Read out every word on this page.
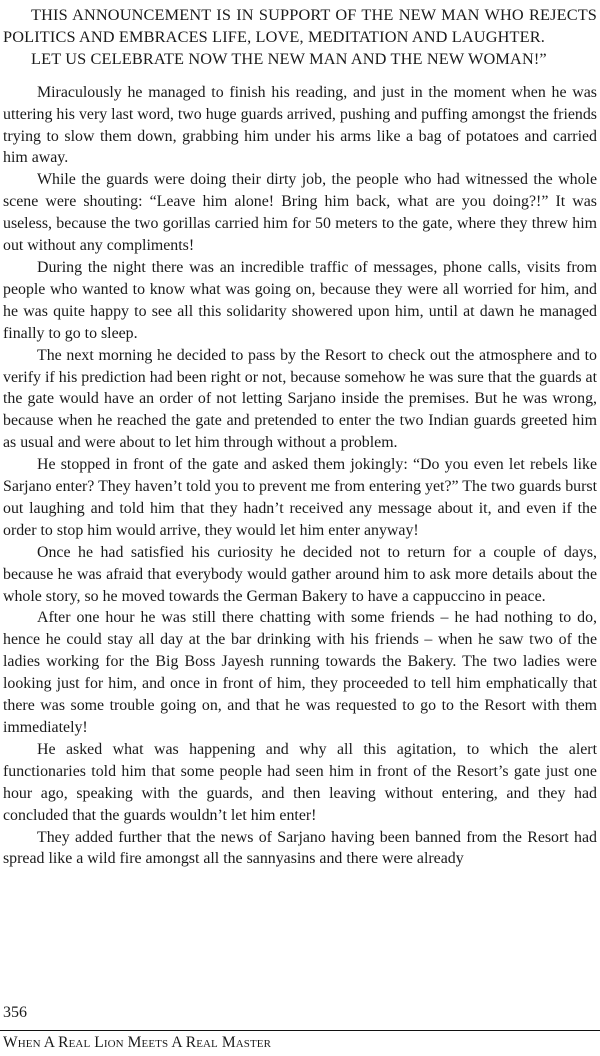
THIS ANNOUNCEMENT IS IN SUPPORT OF THE NEW MAN WHO REJECTS POLITICS AND EMBRACES LIFE, LOVE, MEDITATION AND LAUGHTER.

LET US CELEBRATE NOW THE NEW MAN AND THE NEW WOMAN!”

Miraculously he managed to finish his reading, and just in the moment when he was uttering his very last word, two huge guards arrived, pushing and puffing amongst the friends trying to slow them down, grabbing him under his arms like a bag of potatoes and carried him away.

While the guards were doing their dirty job, the people who had witnessed the whole scene were shouting: “Leave him alone! Bring him back, what are you doing?!” It was useless, because the two gorillas carried him for 50 meters to the gate, where they threw him out without any compliments!

During the night there was an incredible traffic of messages, phone calls, visits from people who wanted to know what was going on, because they were all worried for him, and he was quite happy to see all this solidarity showered upon him, until at dawn he managed finally to go to sleep.

The next morning he decided to pass by the Resort to check out the atmosphere and to verify if his prediction had been right or not, because somehow he was sure that the guards at the gate would have an order of not letting Sarjano inside the premises. But he was wrong, because when he reached the gate and pretended to enter the two Indian guards greeted him as usual and were about to let him through without a problem.

He stopped in front of the gate and asked them jokingly: “Do you even let rebels like Sarjano enter? They haven’t told you to prevent me from entering yet?” The two guards burst out laughing and told him that they hadn’t received any message about it, and even if the order to stop him would arrive, they would let him enter anyway!

Once he had satisfied his curiosity he decided not to return for a couple of days, because he was afraid that everybody would gather around him to ask more details about the whole story, so he moved towards the German Bakery to have a cappuccino in peace.

After one hour he was still there chatting with some friends – he had nothing to do, hence he could stay all day at the bar drinking with his friends – when he saw two of the ladies working for the Big Boss Jayesh running towards the Bakery. The two ladies were looking just for him, and once in front of him, they proceeded to tell him emphatically that there was some trouble going on, and that he was requested to go to the Resort with them immediately!

He asked what was happening and why all this agitation, to which the alert functionaries told him that some people had seen him in front of the Resort’s gate just one hour ago, speaking with the guards, and then leaving without entering, and they had concluded that the guards wouldn’t let him enter!

They added further that the news of Sarjano having been banned from the Resort had spread like a wild fire amongst all the sannyasins and there were already

356
When A Real Lion Meets A Real Master
